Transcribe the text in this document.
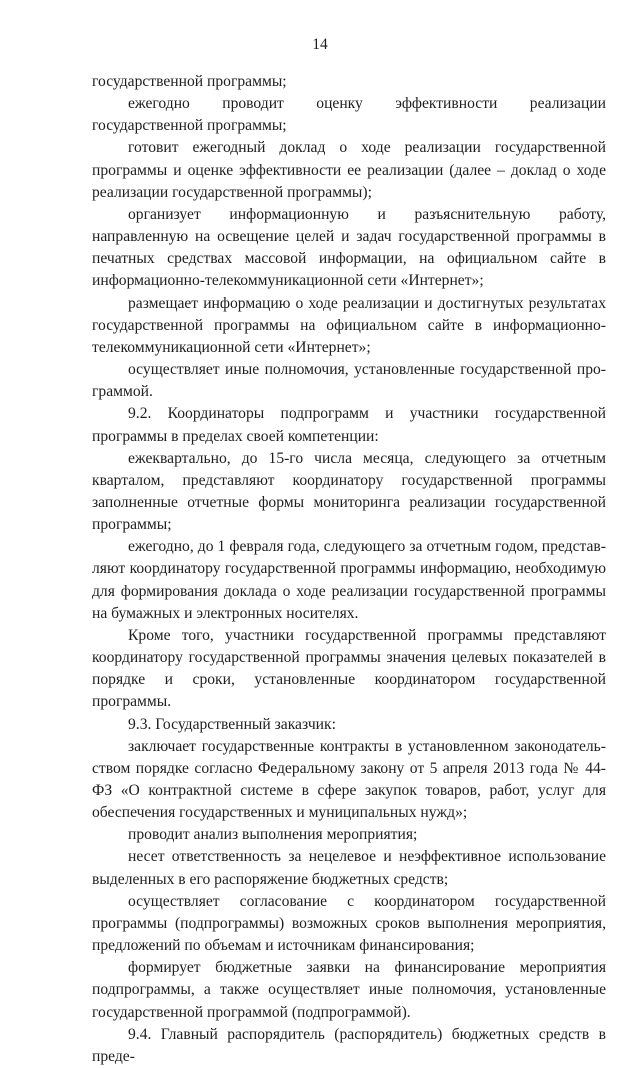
14

государственной программы;

ежегодно проводит оценку эффективности реализации государственной программы;

готовит ежегодный доклад о ходе реализации государственной программы и оценке эффективности ее реализации (далее – доклад о ходе реализации государственной программы);

организует информационную и разъяснительную работу, направленную на освещение целей и задач государственной программы в печатных средствах массовой информации, на официальном сайте в информационно-телекоммуникационной сети «Интернет»;

размещает информацию о ходе реализации и достигнутых результатах государственной программы на официальном сайте в информационно-телекоммуникационной сети «Интернет»;

осуществляет иные полномочия, установленные государственной программой.

9.2. Координаторы подпрограмм и участники государственной программы в пределах своей компетенции:

ежеквартально, до 15-го числа месяца, следующего за отчетным кварталом, представляют координатору государственной программы заполненные отчетные формы мониторинга реализации государственной программы;

ежегодно, до 1 февраля года, следующего за отчетным годом, представляют координатору государственной программы информацию, необходимую для формирования доклада о ходе реализации государственной программы на бумажных и электронных носителях.

Кроме того, участники государственной программы представляют координатору государственной программы значения целевых показателей в порядке и сроки, установленные координатором государственной программы.

9.3. Государственный заказчик:

заключает государственные контракты в установленном законодательством порядке согласно Федеральному закону от 5 апреля 2013 года № 44-ФЗ «О контрактной системе в сфере закупок товаров, работ, услуг для обеспечения государственных и муниципальных нужд»;

проводит анализ выполнения мероприятия;

несет ответственность за нецелевое и неэффективное использование выделенных в его распоряжение бюджетных средств;

осуществляет согласование с координатором государственной программы (подпрограммы) возможных сроков выполнения мероприятия, предложений по объемам и источникам финансирования;

формирует бюджетные заявки на финансирование мероприятия подпрограммы, а также осуществляет иные полномочия, установленные государственной программой (подпрограммой).

9.4. Главный распорядитель (распорядитель) бюджетных средств в преде-
